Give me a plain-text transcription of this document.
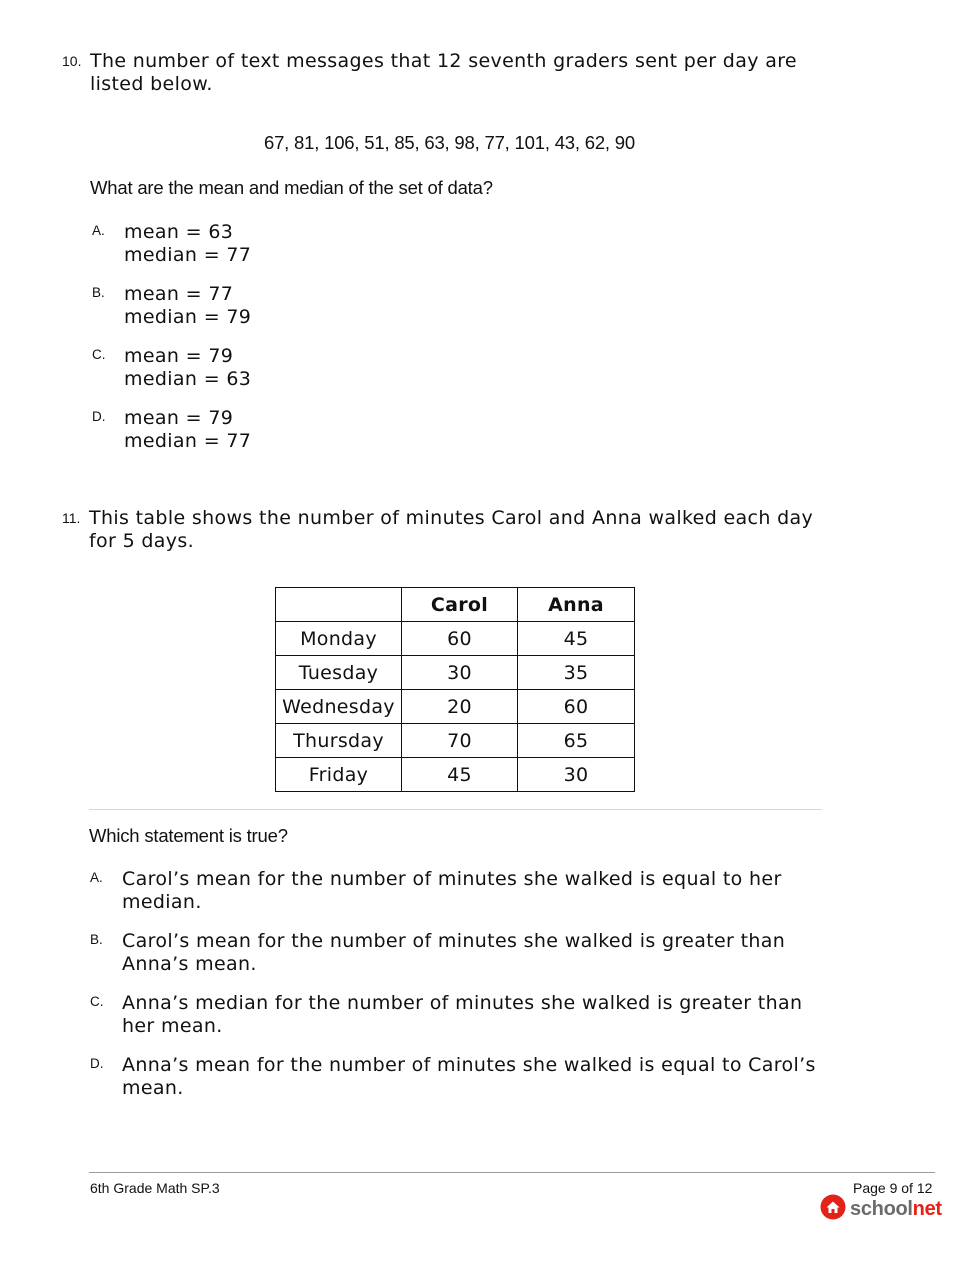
10. The number of text messages that 12 seventh graders sent per day are listed below.
67, 81, 106, 51, 85, 63, 98, 77, 101, 43, 62, 90
What are the mean and median of the set of data?
A. mean = 63
median = 77
B. mean = 77
median = 79
C. mean = 79
median = 63
D. mean = 79
median = 77
11. This table shows the number of minutes Carol and Anna walked each day for 5 days.
	Carol	Anna
Monday	60	45
Tuesday	30	35
Wednesday	20	60
Thursday	70	65
Friday	45	30
Which statement is true?
A. Carol’s mean for the number of minutes she walked is equal to her median.
B. Carol’s mean for the number of minutes she walked is greater than Anna’s mean.
C. Anna’s median for the number of minutes she walked is greater than her mean.
D. Anna’s mean for the number of minutes she walked is equal to Carol’s mean.
6th Grade Math SP.3	Page 9 of 12
schoolnet
